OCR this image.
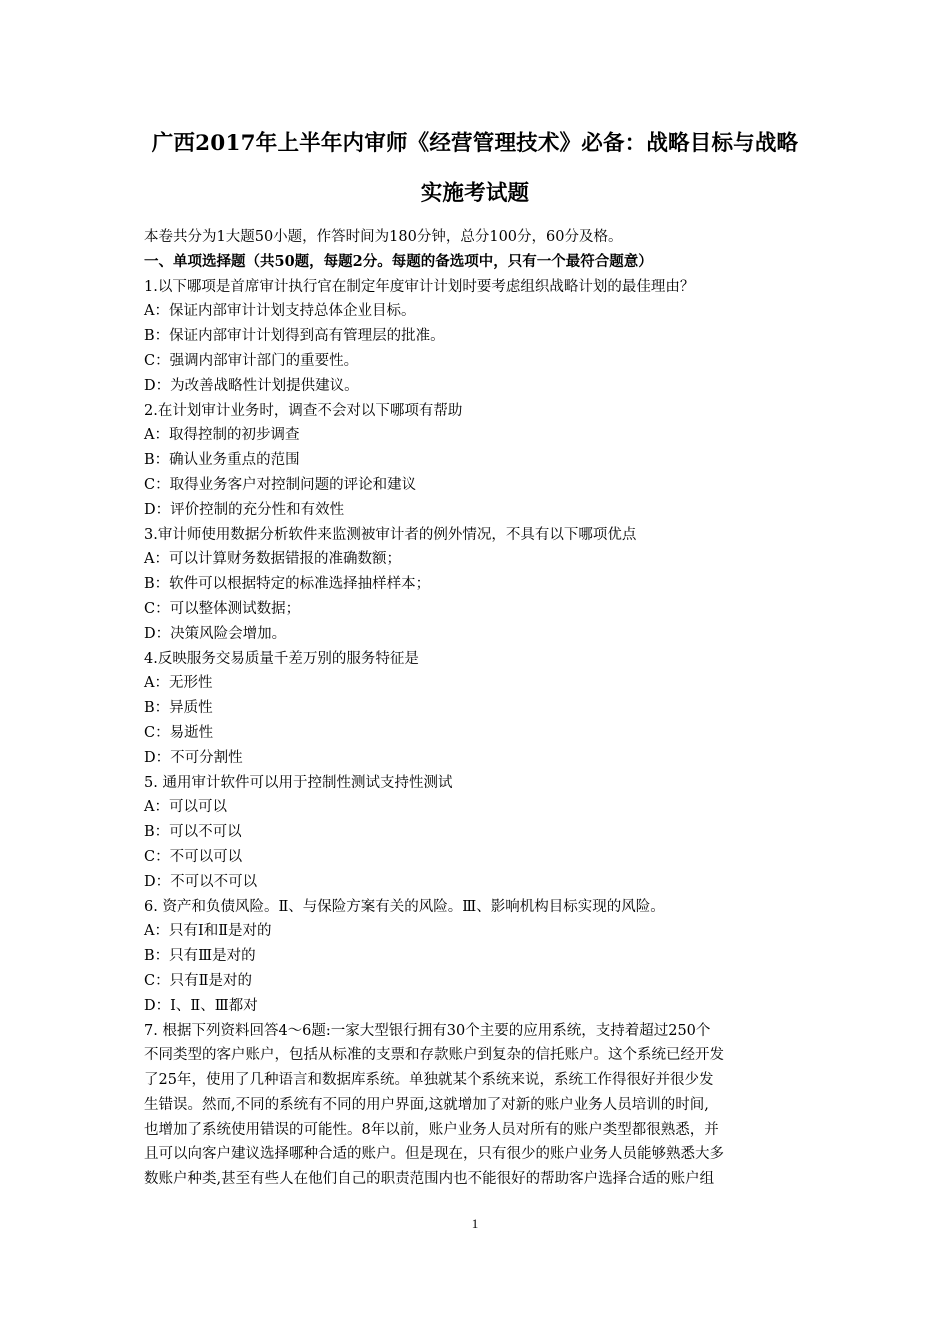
广西2017年上半年内审师《经营管理技术》必备：战略目标与战略
实施考试题
本卷共分为1大题50小题，作答时间为180分钟，总分100分，60分及格。
一、单项选择题（共50题，每题2分。每题的备选项中，只有一个最符合题意）
1.以下哪项是首席审计执行官在制定年度审计计划时要考虑组织战略计划的最佳理由？
A：保证内部审计计划支持总体企业目标。
B：保证内部审计计划得到高有管理层的批准。
C：强调内部审计部门的重要性。
D：为改善战略性计划提供建议。
2.在计划审计业务时，调查不会对以下哪项有帮助
A：取得控制的初步调查
B：确认业务重点的范围
C：取得业务客户对控制问题的评论和建议
D：评价控制的充分性和有效性
3.审计师使用数据分析软件来监测被审计者的例外情况，不具有以下哪项优点
A：可以计算财务数据错报的准确数额；
B：软件可以根据特定的标准选择抽样样本；
C：可以整体测试数据；
D：决策风险会增加。
4.反映服务交易质量千差万别的服务特征是
A：无形性
B：异质性
C：易逝性
D：不可分割性
5. 通用审计软件可以用于控制性测试支持性测试
A：可以可以
B：可以不可以
C：不可以可以
D：不可以不可以
6. 资产和负债风险。Ⅱ、与保险方案有关的风险。Ⅲ、影响机构目标实现的风险。
A：只有Ⅰ和Ⅱ是对的
B：只有Ⅲ是对的
C：只有Ⅱ是对的
D：Ⅰ、Ⅱ、Ⅲ都对
7. 根据下列资料回答4～6题:一家大型银行拥有30个主要的应用系统，支持着超过250个
不同类型的客户账户，包括从标准的支票和存款账户到复杂的信托账户。这个系统已经开发
了25年，使用了几种语言和数据库系统。单独就某个系统来说，系统工作得很好并很少发
生错误。然而,不同的系统有不同的用户界面,这就增加了对新的账户业务人员培训的时间,
也增加了系统使用错误的可能性。8年以前，账户业务人员对所有的账户类型都很熟悉，并
且可以向客户建议选择哪种合适的账户。但是现在，只有很少的账户业务人员能够熟悉大多
数账户种类,甚至有些人在他们自己的职责范围内也不能很好的帮助客户选择合适的账户组
1
